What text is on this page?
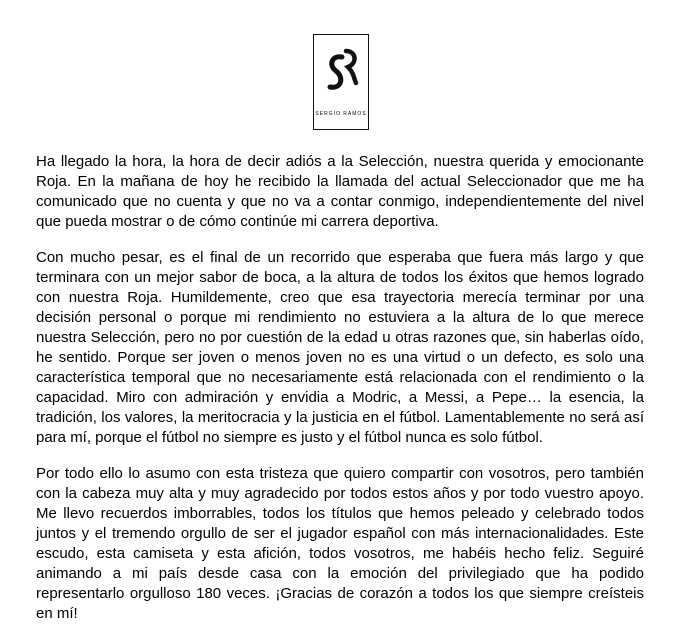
SERGIO RAMOS

Ha llegado la hora, la hora de decir adiós a la Selección, nuestra querida y emocionante Roja. En la mañana de hoy he recibido la llamada del actual Seleccionador que me ha comunicado que no cuenta y que no va a contar conmigo, independientemente del nivel que pueda mostrar o de cómo continúe mi carrera deportiva.

Con mucho pesar, es el final de un recorrido que esperaba que fuera más largo y que terminara con un mejor sabor de boca, a la altura de todos los éxitos que hemos logrado con nuestra Roja. Humildemente, creo que esa trayectoria merecía terminar por una decisión personal o porque mi rendimiento no estuviera a la altura de lo que merece nuestra Selección, pero no por cuestión de la edad u otras razones que, sin haberlas oído, he sentido. Porque ser joven o menos joven no es una virtud o un defecto, es solo una característica temporal que no necesariamente está relacionada con el rendimiento o la capacidad. Miro con admiración y envidia a Modric, a Messi, a Pepe… la esencia, la tradición, los valores, la meritocracia y la justicia en el fútbol. Lamentablemente no será así para mí, porque el fútbol no siempre es justo y el fútbol nunca es solo fútbol.

Por todo ello lo asumo con esta tristeza que quiero compartir con vosotros, pero también con la cabeza muy alta y muy agradecido por todos estos años y por todo vuestro apoyo. Me llevo recuerdos imborrables, todos los títulos que hemos peleado y celebrado todos juntos y el tremendo orgullo de ser el jugador español con más internacionalidades. Este escudo, esta camiseta y esta afición, todos vosotros, me habéis hecho feliz. Seguiré animando a mi país desde casa con la emoción del privilegiado que ha podido representarlo orgulloso 180 veces. ¡Gracias de corazón a todos los que siempre creísteis en mí!
